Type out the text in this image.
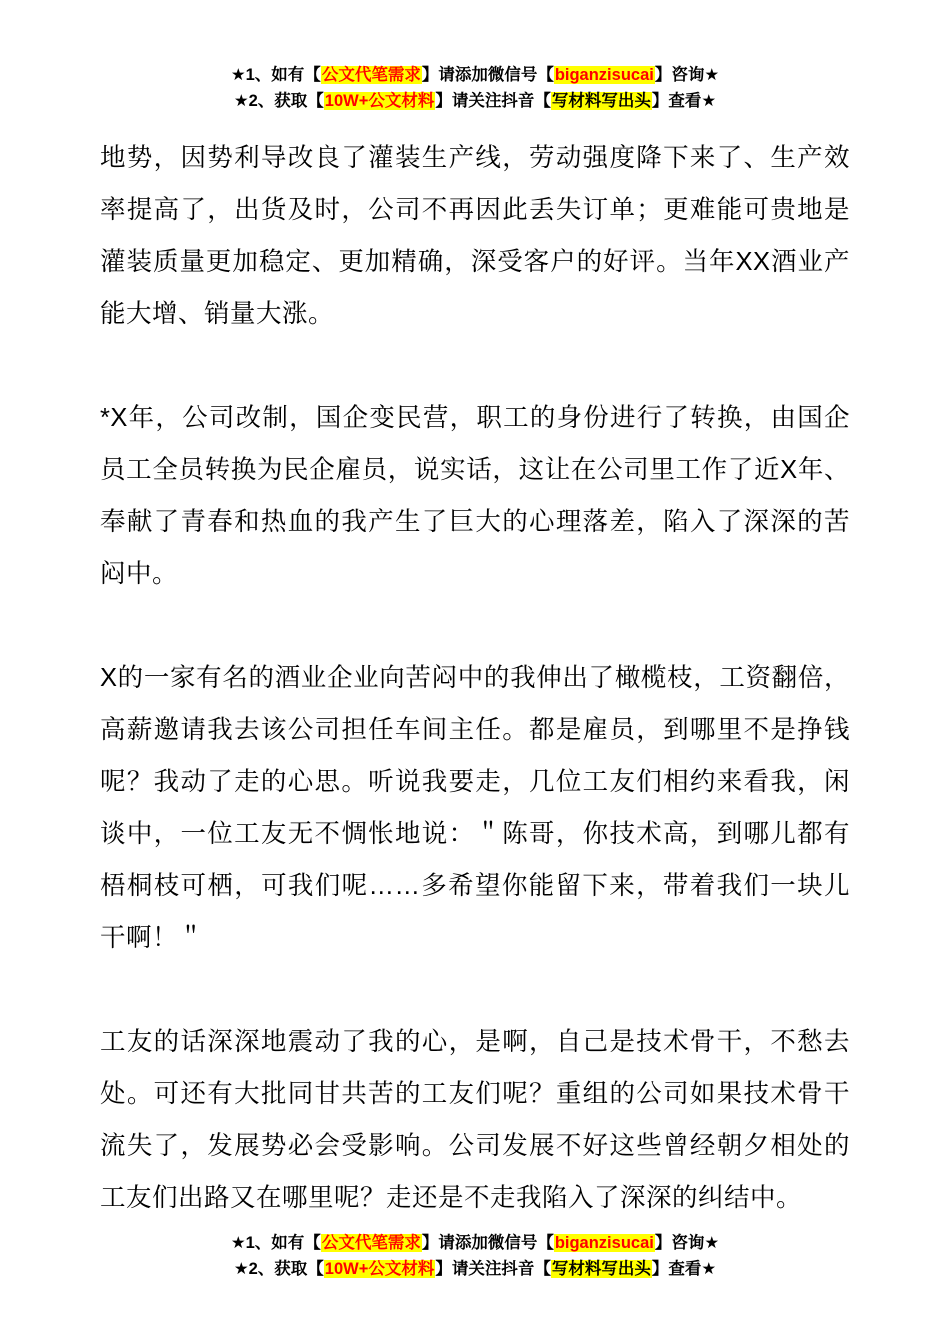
★1、如有【公文代笔需求】请添加微信号【biganzisucai】咨询★
★2、获取【10W+公文材料】请关注抖音【写材料写出头】查看★

地势，因势利导改良了灌装生产线，劳动强度降下来了、生产效率提高了，出货及时，公司不再因此丢失订单；更难能可贵地是灌装质量更加稳定、更加精确，深受客户的好评。当年XX酒业产能大增、销量大涨。

*X年，公司改制，国企变民营，职工的身份进行了转换，由国企员工全员转换为民企雇员，说实话，这让在公司里工作了近X年、奉献了青春和热血的我产生了巨大的心理落差，陷入了深深的苦闷中。

X的一家有名的酒业企业向苦闷中的我伸出了橄榄枝，工资翻倍，高薪邀请我去该公司担任车间主任。都是雇员，到哪里不是挣钱呢？我动了走的心思。听说我要走，几位工友们相约来看我，闲谈中，一位工友无不惆怅地说：＂陈哥，你技术高，到哪儿都有梧桐枝可栖，可我们呢……多希望你能留下来，带着我们一块儿干啊！＂

工友的话深深地震动了我的心，是啊，自己是技术骨干，不愁去处。可还有大批同甘共苦的工友们呢？重组的公司如果技术骨干流失了，发展势必会受影响。公司发展不好这些曾经朝夕相处的工友们出路又在哪里呢？走还是不走我陷入了深深的纠结中。

★1、如有【公文代笔需求】请添加微信号【biganzisucai】咨询★
★2、获取【10W+公文材料】请关注抖音【写材料写出头】查看★
